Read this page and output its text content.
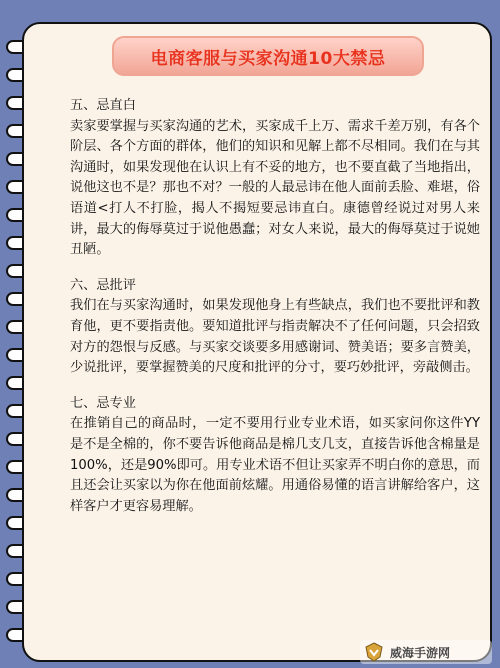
电商客服与买家沟通10大禁忌
五、忌直白
卖家要掌握与买家沟通的艺术，买家成千上万、需求千差万别，有各个阶层、各个方面的群体，他们的知识和见解上都不尽相同。我们在与其沟通时，如果发现他在认识上有不妥的地方，也不要直截了当地指出，说他这也不是？那也不对？一般的人最忌讳在他人面前丢脸、难堪，俗语道<打人不打脸，揭人不揭短要忌讳直白。康德曾经说过对男人来讲，最大的侮辱莫过于说他愚蠢；对女人来说，最大的侮辱莫过于说她丑陋。
六、忌批评
我们在与买家沟通时，如果发现他身上有些缺点，我们也不要批评和教育他，更不要指责他。要知道批评与指责解决不了任何问题，只会招致对方的怨恨与反感。与买家交谈要多用感谢词、赞美语；要多言赞美，少说批评，要掌握赞美的尺度和批评的分寸，要巧妙批评，旁敲侧击。
七、忌专业
在推销自己的商品时，一定不要用行业专业术语，如买家问你这件YY是不是全棉的，你不要告诉他商品是棉几支几支，直接告诉他含棉量是100%，还是90%即可。用专业术语不但让买家弄不明白你的意思，而且还会让买家以为你在他面前炫耀。用通俗易懂的语言讲解给客户，这样客户才更容易理解。
威海手游网
